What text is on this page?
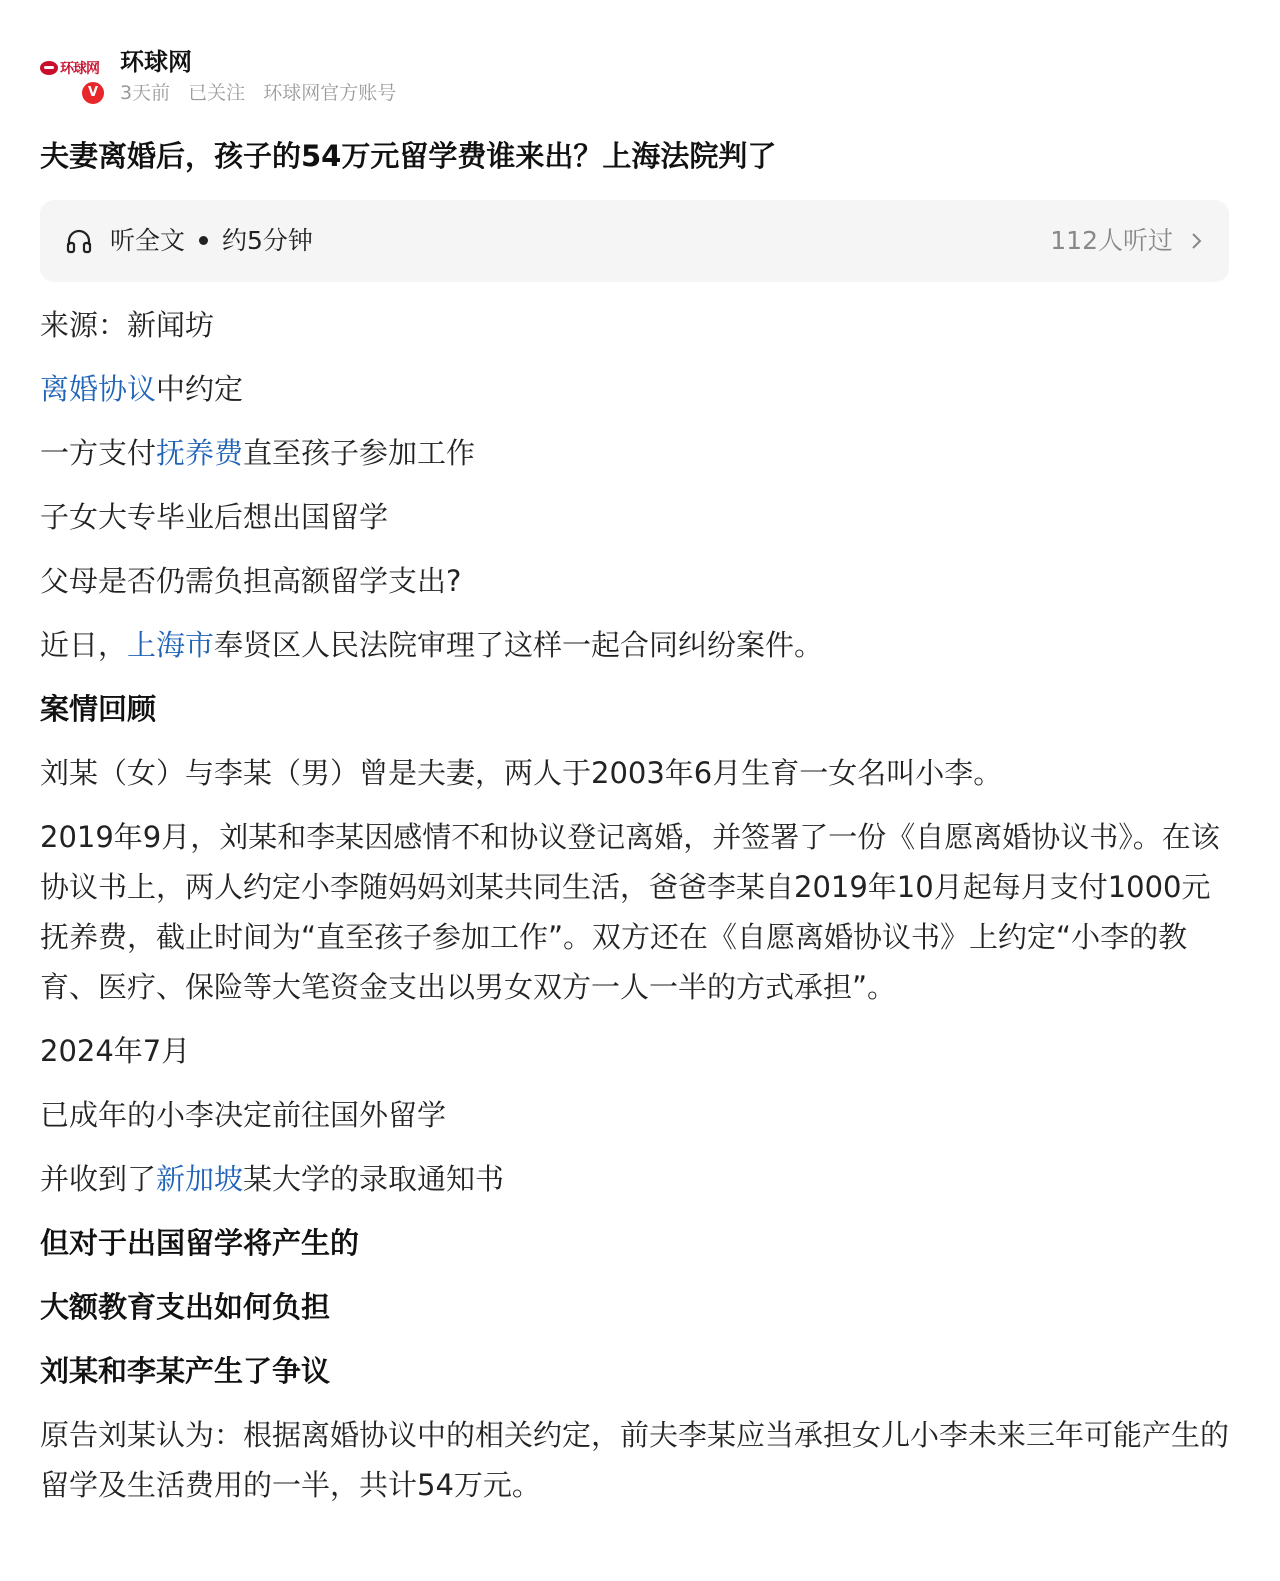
环球网
V
环球网
3天前 已关注 环球网官方账号
夫妻离婚后，孩子的54万元留学费谁来出？上海法院判了
听全文 约5分钟	112人听过

来源：新闻坊

离婚协议中约定

一方支付抚养费直至孩子参加工作

子女大专毕业后想出国留学

父母是否仍需负担高额留学支出?

近日，上海市奉贤区人民法院审理了这样一起合同纠纷案件。

案情回顾

刘某（女）与李某（男）曾是夫妻，两人于2003年6月生育一女名叫小李。

2019年9月，刘某和李某因感情不和协议登记离婚，并签署了一份《自愿离婚协议书》。在该协议书上，两人约定小李随妈妈刘某共同生活，爸爸李某自2019年10月起每月支付1000元抚养费，截止时间为“直至孩子参加工作”。双方还在《自愿离婚协议书》上约定“小李的教育、医疗、保险等大笔资金支出以男女双方一人一半的方式承担”。

2024年7月

已成年的小李决定前往国外留学

并收到了新加坡某大学的录取通知书

但对于出国留学将产生的

大额教育支出如何负担

刘某和李某产生了争议

原告刘某认为：根据离婚协议中的相关约定，前夫李某应当承担女儿小李未来三年可能产生的留学及生活费用的一半，共计54万元。
